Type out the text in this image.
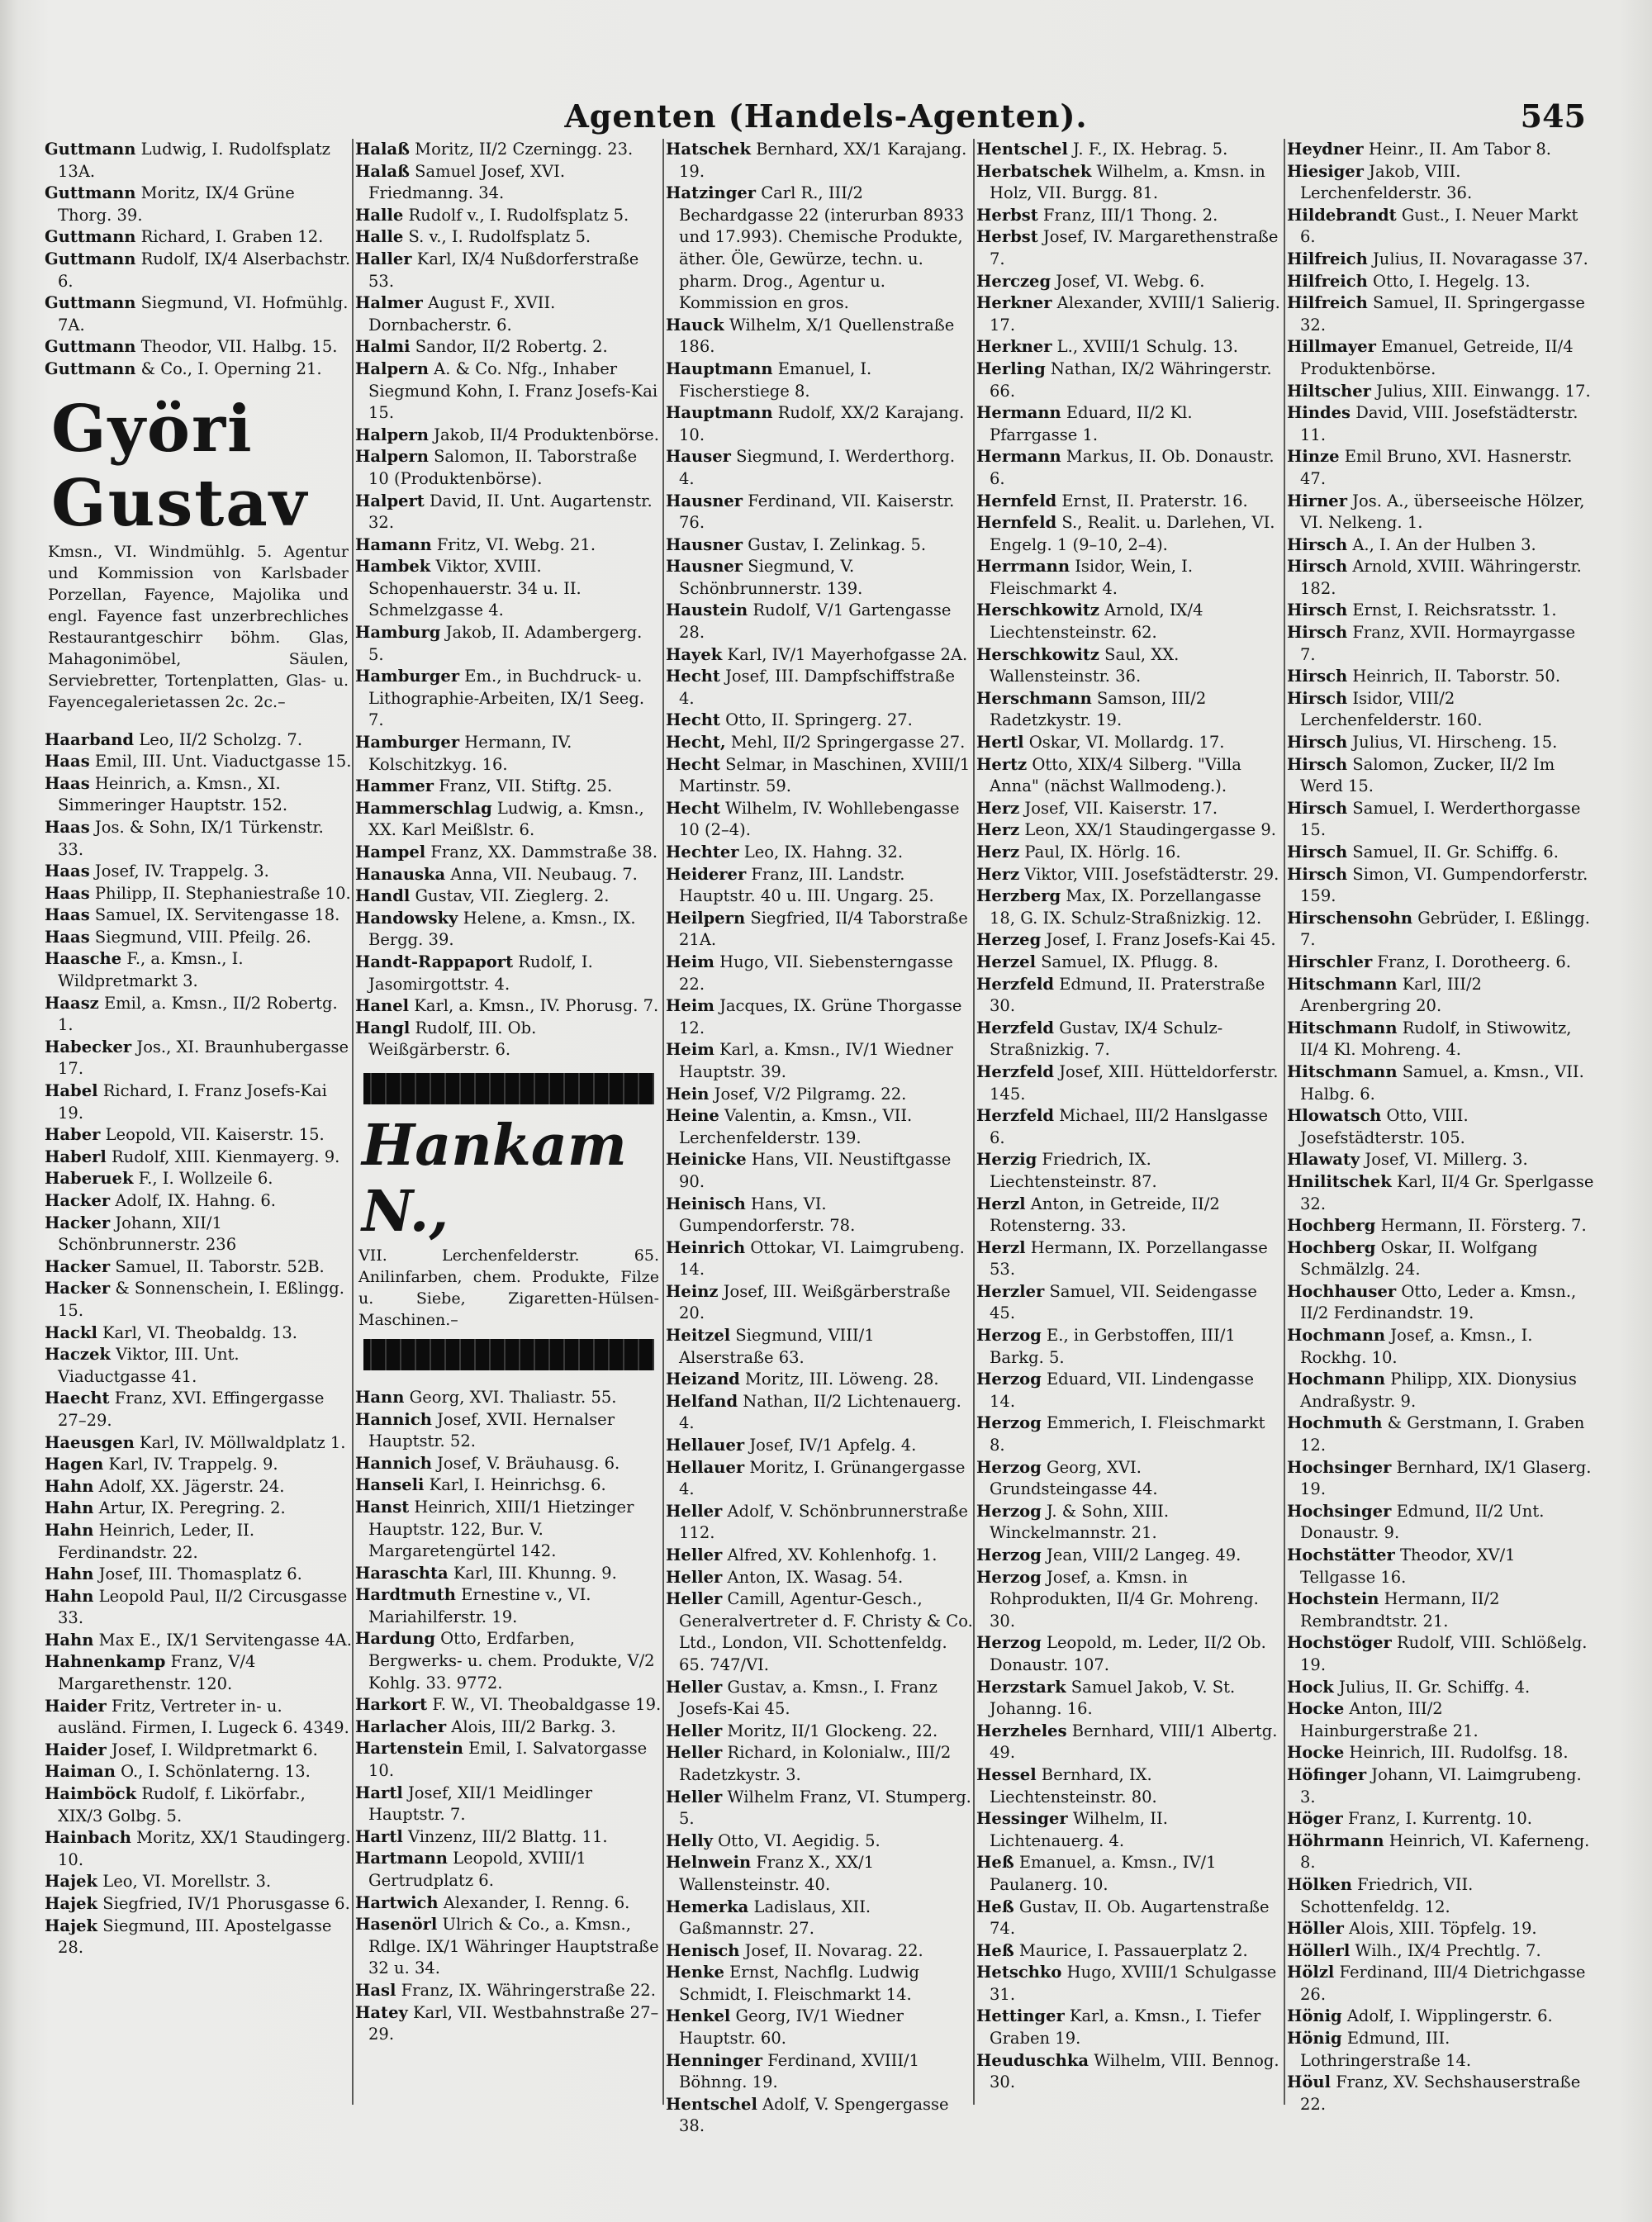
Agenten (Handels-Agenten).	545

Guttmann Ludwig, I. Rudolfsplatz 13A.

Guttmann Moritz, IX/4 Grüne Thorg. 39.

Guttmann Richard, I. Graben 12.

Guttmann Rudolf, IX/4 Alserbachstr. 6.

Guttmann Siegmund, VI. Hofmühlg. 7A.

Guttmann Theodor, VII. Halbg. 15.

Guttmann & Co., I. Operning 21.

Györi Gustav
Kmsn., VI. Windmühlg. 5. Agentur und Kommission von Karlsbader Porzellan, Fayence, Majolika und engl. Fayence fast unzerbrechliches Restaurantgeschirr böhm. Glas, Mahagonimöbel, Säulen, Serviebretter, Tortenplatten, Glas- u. Fayencegalerietassen 2c. 2c.–

Haarband Leo, II/2 Scholzg. 7.

Haas Emil, III. Unt. Viaductgasse 15.

Haas Heinrich, a. Kmsn., XI. Simmeringer Hauptstr. 152.

Haas Jos. & Sohn, IX/1 Türkenstr. 33.

Haas Josef, IV. Trappelg. 3.

Haas Philipp, II. Stephaniestraße 10.

Haas Samuel, IX. Servitengasse 18.

Haas Siegmund, VIII. Pfeilg. 26.

Haasche F., a. Kmsn., I. Wildpretmarkt 3.

Haasz Emil, a. Kmsn., II/2 Robertg. 1.

Habecker Jos., XI. Braunhubergasse 17.

Habel Richard, I. Franz Josefs-Kai 19.

Haber Leopold, VII. Kaiserstr. 15.

Haberl Rudolf, XIII. Kienmayerg. 9.

Haberuek F., I. Wollzeile 6.

Hacker Adolf, IX. Hahng. 6.

Hacker Johann, XII/1 Schönbrunnerstr. 236

Hacker Samuel, II. Taborstr. 52B.

Hacker & Sonnenschein, I. Eßlingg. 15.

Hackl Karl, VI. Theobaldg. 13.

Haczek Viktor, III. Unt. Viaductgasse 41.

Haecht Franz, XVI. Effingergasse 27–29.

Haeusgen Karl, IV. Möllwaldplatz 1.

Hagen Karl, IV. Trappelg. 9.

Hahn Adolf, XX. Jägerstr. 24.

Hahn Artur, IX. Peregring. 2.

Hahn Heinrich, Leder, II. Ferdinandstr. 22.

Hahn Josef, III. Thomasplatz 6.

Hahn Leopold Paul, II/2 Circusgasse 33.

Hahn Max E., IX/1 Servitengasse 4A.

Hahnenkamp Franz, V/4 Margarethenstr. 120.

Haider Fritz, Vertreter in- u. ausländ. Firmen, I. Lugeck 6. 4349.

Haider Josef, I. Wildpretmarkt 6.

Haiman O., I. Schönlaterng. 13.

Haimböck Rudolf, f. Likörfabr., XIX/3 Golbg. 5.

Hainbach Moritz, XX/1 Staudingerg. 10.

Hajek Leo, VI. Morellstr. 3.

Hajek Siegfried, IV/1 Phorusgasse 6.

Hajek Siegmund, III. Apostelgasse 28.

Halaß Moritz, II/2 Czerningg. 23.

Halaß Samuel Josef, XVI. Friedmanng. 34.

Halle Rudolf v., I. Rudolfsplatz 5.

Halle S. v., I. Rudolfsplatz 5.

Haller Karl, IX/4 Nußdorferstraße 53.

Halmer August F., XVII. Dornbacherstr. 6.

Halmi Sandor, II/2 Robertg. 2.

Halpern A. & Co. Nfg., Inhaber Siegmund Kohn, I. Franz Josefs-Kai 15.

Halpern Jakob, II/4 Produktenbörse.

Halpern Salomon, II. Taborstraße 10 (Produktenbörse).

Halpert David, II. Unt. Augartenstr. 32.

Hamann Fritz, VI. Webg. 21.

Hambek Viktor, XVIII. Schopenhauerstr. 34 u. II. Schmelzgasse 4.

Hamburg Jakob, II. Adambergerg. 5.

Hamburger Em., in Buchdruck- u. Lithographie-Arbeiten, IX/1 Seeg. 7.

Hamburger Hermann, IV. Kolschitzkyg. 16.

Hammer Franz, VII. Stiftg. 25.

Hammerschlag Ludwig, a. Kmsn., XX. Karl Meißlstr. 6.

Hampel Franz, XX. Dammstraße 38.

Hanauska Anna, VII. Neubaug. 7.

Handl Gustav, VII. Zieglerg. 2.

Handowsky Helene, a. Kmsn., IX. Bergg. 39.

Handt-Rappaport Rudolf, I. Jasomirgottstr. 4.

Hanel Karl, a. Kmsn., IV. Phorusg. 7.

Hangl Rudolf, III. Ob. Weißgärberstr. 6.

Hankam N.,
VII. Lerchenfelderstr. 65. Anilinfarben, chem. Produkte, Filze u. Siebe, Zigaretten-Hülsen-Maschinen.–

Hann Georg, XVI. Thaliastr. 55.

Hannich Josef, XVII. Hernalser Hauptstr. 52.

Hannich Josef, V. Bräuhausg. 6.

Hanseli Karl, I. Heinrichsg. 6.

Hanst Heinrich, XIII/1 Hietzinger Hauptstr. 122, Bur. V. Margaretengürtel 142.

Haraschta Karl, III. Khunng. 9.

Hardtmuth Ernestine v., VI. Mariahilferstr. 19.

Hardung Otto, Erdfarben, Bergwerks- u. chem. Produkte, V/2 Kohlg. 33. 9772.

Harkort F. W., VI. Theobaldgasse 19.

Harlacher Alois, III/2 Barkg. 3.

Hartenstein Emil, I. Salvatorgasse 10.

Hartl Josef, XII/1 Meidlinger Hauptstr. 7.

Hartl Vinzenz, III/2 Blattg. 11.

Hartmann Leopold, XVIII/1 Gertrudplatz 6.

Hartwich Alexander, I. Renng. 6.

Hasenörl Ulrich & Co., a. Kmsn., Rdlge. IX/1 Währinger Hauptstraße 32 u. 34.

Hasl Franz, IX. Währingerstraße 22.

Hatey Karl, VII. Westbahnstraße 27–29.

Hatschek Bernhard, XX/1 Karajang. 19.

Hatzinger Carl R., III/2 Bechardgasse 22 (interurban 8933 und 17.993). Chemische Produkte, äther. Öle, Gewürze, techn. u. pharm. Drog., Agentur u. Kommission en gros.

Hauck Wilhelm, X/1 Quellenstraße 186.

Hauptmann Emanuel, I. Fischerstiege 8.

Hauptmann Rudolf, XX/2 Karajang. 10.

Hauser Siegmund, I. Werderthorg. 4.

Hausner Ferdinand, VII. Kaiserstr. 76.

Hausner Gustav, I. Zelinkag. 5.

Hausner Siegmund, V. Schönbrunnerstr. 139.

Haustein Rudolf, V/1 Gartengasse 28.

Hayek Karl, IV/1 Mayerhofgasse 2A.

Hecht Josef, III. Dampfschiffstraße 4.

Hecht Otto, II. Springerg. 27.

Hecht, Mehl, II/2 Springergasse 27.

Hecht Selmar, in Maschinen, XVIII/1 Martinstr. 59.

Hecht Wilhelm, IV. Wohllebengasse 10 (2–4).

Hechter Leo, IX. Hahng. 32.

Heiderer Franz, III. Landstr. Hauptstr. 40 u. III. Ungarg. 25.

Heilpern Siegfried, II/4 Taborstraße 21A.

Heim Hugo, VII. Siebensterngasse 22.

Heim Jacques, IX. Grüne Thorgasse 12.

Heim Karl, a. Kmsn., IV/1 Wiedner Hauptstr. 39.

Hein Josef, V/2 Pilgramg. 22.

Heine Valentin, a. Kmsn., VII. Lerchenfelderstr. 139.

Heinicke Hans, VII. Neustiftgasse 90.

Heinisch Hans, VI. Gumpendorferstr. 78.

Heinrich Ottokar, VI. Laimgrubeng. 14.

Heinz Josef, III. Weißgärberstraße 20.

Heitzel Siegmund, VIII/1 Alserstraße 63.

Heizand Moritz, III. Löweng. 28.

Helfand Nathan, II/2 Lichtenauerg. 4.

Hellauer Josef, IV/1 Apfelg. 4.

Hellauer Moritz, I. Grünangergasse 4.

Heller Adolf, V. Schönbrunnerstraße 112.

Heller Alfred, XV. Kohlenhofg. 1.

Heller Anton, IX. Wasag. 54.

Heller Camill, Agentur-Gesch., Generalvertreter d. F. Christy & Co. Ltd., London, VII. Schottenfeldg. 65. 747/VI.

Heller Gustav, a. Kmsn., I. Franz Josefs-Kai 45.

Heller Moritz, II/1 Glockeng. 22.

Heller Richard, in Kolonialw., III/2 Radetzkystr. 3.

Heller Wilhelm Franz, VI. Stumperg. 5.

Helly Otto, VI. Aegidig. 5.

Helnwein Franz X., XX/1 Wallensteinstr. 40.

Hemerka Ladislaus, XII. Gaßmannstr. 27.

Henisch Josef, II. Novarag. 22.

Henke Ernst, Nachflg. Ludwig Schmidt, I. Fleischmarkt 14.

Henkel Georg, IV/1 Wiedner Hauptstr. 60.

Henninger Ferdinand, XVIII/1 Böhnng. 19.

Hentschel Adolf, V. Spengergasse 38.

Hentschel J. F., IX. Hebrag. 5.

Herbatschek Wilhelm, a. Kmsn. in Holz, VII. Burgg. 81.

Herbst Franz, III/1 Thong. 2.

Herbst Josef, IV. Margarethenstraße 7.

Herczeg Josef, VI. Webg. 6.

Herkner Alexander, XVIII/1 Salierig. 17.

Herkner L., XVIII/1 Schulg. 13.

Herling Nathan, IX/2 Währingerstr. 66.

Hermann Eduard, II/2 Kl. Pfarrgasse 1.

Hermann Markus, II. Ob. Donaustr. 6.

Hernfeld Ernst, II. Praterstr. 16.

Hernfeld S., Realit. u. Darlehen, VI. Engelg. 1 (9–10, 2–4).

Herrmann Isidor, Wein, I. Fleischmarkt 4.

Herschkowitz Arnold, IX/4 Liechtensteinstr. 62.

Herschkowitz Saul, XX. Wallensteinstr. 36.

Herschmann Samson, III/2 Radetzkystr. 19.

Hertl Oskar, VI. Mollardg. 17.

Hertz Otto, XIX/4 Silberg. "Villa Anna" (nächst Wallmodeng.).

Herz Josef, VII. Kaiserstr. 17.

Herz Leon, XX/1 Staudingergasse 9.

Herz Paul, IX. Hörlg. 16.

Herz Viktor, VIII. Josefstädterstr. 29.

Herzberg Max, IX. Porzellangasse 18, G. IX. Schulz-Straßnizkig. 12.

Herzeg Josef, I. Franz Josefs-Kai 45.

Herzel Samuel, IX. Pflugg. 8.

Herzfeld Edmund, II. Praterstraße 30.

Herzfeld Gustav, IX/4 Schulz-Straßnizkig. 7.

Herzfeld Josef, XIII. Hütteldorferstr. 145.

Herzfeld Michael, III/2 Hanslgasse 6.

Herzig Friedrich, IX. Liechtensteinstr. 87.

Herzl Anton, in Getreide, II/2 Rotensterng. 33.

Herzl Hermann, IX. Porzellangasse 53.

Herzler Samuel, VII. Seidengasse 45.

Herzog E., in Gerbstoffen, III/1 Barkg. 5.

Herzog Eduard, VII. Lindengasse 14.

Herzog Emmerich, I. Fleischmarkt 8.

Herzog Georg, XVI. Grundsteingasse 44.

Herzog J. & Sohn, XIII. Winckelmannstr. 21.

Herzog Jean, VIII/2 Langeg. 49.

Herzog Josef, a. Kmsn. in Rohprodukten, II/4 Gr. Mohreng. 30.

Herzog Leopold, m. Leder, II/2 Ob. Donaustr. 107.

Herzstark Samuel Jakob, V. St. Johanng. 16.

Herzheles Bernhard, VIII/1 Albertg. 49.

Hessel Bernhard, IX. Liechtensteinstr. 80.

Hessinger Wilhelm, II. Lichtenauerg. 4.

Heß Emanuel, a. Kmsn., IV/1 Paulanerg. 10.

Heß Gustav, II. Ob. Augartenstraße 74.

Heß Maurice, I. Passauerplatz 2.

Hetschko Hugo, XVIII/1 Schulgasse 31.

Hettinger Karl, a. Kmsn., I. Tiefer Graben 19.

Heuduschka Wilhelm, VIII. Bennog. 30.

Heydner Heinr., II. Am Tabor 8.

Hiesiger Jakob, VIII. Lerchenfelderstr. 36.

Hildebrandt Gust., I. Neuer Markt 6.

Hilfreich Julius, II. Novaragasse 37.

Hilfreich Otto, I. Hegelg. 13.

Hilfreich Samuel, II. Springergasse 32.

Hillmayer Emanuel, Getreide, II/4 Produktenbörse.

Hiltscher Julius, XIII. Einwangg. 17.

Hindes David, VIII. Josefstädterstr. 11.

Hinze Emil Bruno, XVI. Hasnerstr. 47.

Hirner Jos. A., überseeische Hölzer, VI. Nelkeng. 1.

Hirsch A., I. An der Hulben 3.

Hirsch Arnold, XVIII. Währingerstr. 182.

Hirsch Ernst, I. Reichsratsstr. 1.

Hirsch Franz, XVII. Hormayrgasse 7.

Hirsch Heinrich, II. Taborstr. 50.

Hirsch Isidor, VIII/2 Lerchenfelderstr. 160.

Hirsch Julius, VI. Hirscheng. 15.

Hirsch Salomon, Zucker, II/2 Im Werd 15.

Hirsch Samuel, I. Werderthorgasse 15.

Hirsch Samuel, II. Gr. Schiffg. 6.

Hirsch Simon, VI. Gumpendorferstr. 159.

Hirschensohn Gebrüder, I. Eßlingg. 7.

Hirschler Franz, I. Dorotheerg. 6.

Hitschmann Karl, III/2 Arenbergring 20.

Hitschmann Rudolf, in Stiwowitz, II/4 Kl. Mohreng. 4.

Hitschmann Samuel, a. Kmsn., VII. Halbg. 6.

Hlowatsch Otto, VIII. Josefstädterstr. 105.

Hlawaty Josef, VI. Millerg. 3.

Hnilitschek Karl, II/4 Gr. Sperlgasse 32.

Hochberg Hermann, II. Försterg. 7.

Hochberg Oskar, II. Wolfgang Schmälzlg. 24.

Hochhauser Otto, Leder a. Kmsn., II/2 Ferdinandstr. 19.

Hochmann Josef, a. Kmsn., I. Rockhg. 10.

Hochmann Philipp, XIX. Dionysius Andraßystr. 9.

Hochmuth & Gerstmann, I. Graben 12.

Hochsinger Bernhard, IX/1 Glaserg. 19.

Hochsinger Edmund, II/2 Unt. Donaustr. 9.

Hochstätter Theodor, XV/1 Tellgasse 16.

Hochstein Hermann, II/2 Rembrandtstr. 21.

Hochstöger Rudolf, VIII. Schlößelg. 19.

Hock Julius, II. Gr. Schiffg. 4.

Hocke Anton, III/2 Hainburgerstraße 21.

Hocke Heinrich, III. Rudolfsg. 18.

Höfinger Johann, VI. Laimgrubeng. 3.

Höger Franz, I. Kurrentg. 10.

Höhrmann Heinrich, VI. Kaferneng. 8.

Hölken Friedrich, VII. Schottenfeldg. 12.

Höller Alois, XIII. Töpfelg. 19.

Höllerl Wilh., IX/4 Prechtlg. 7.

Hölzl Ferdinand, III/4 Dietrichgasse 26.

Hönig Adolf, I. Wipplingerstr. 6.

Hönig Edmund, III. Lothringerstraße 14.

Höul Franz, XV. Sechshauserstraße 22.
